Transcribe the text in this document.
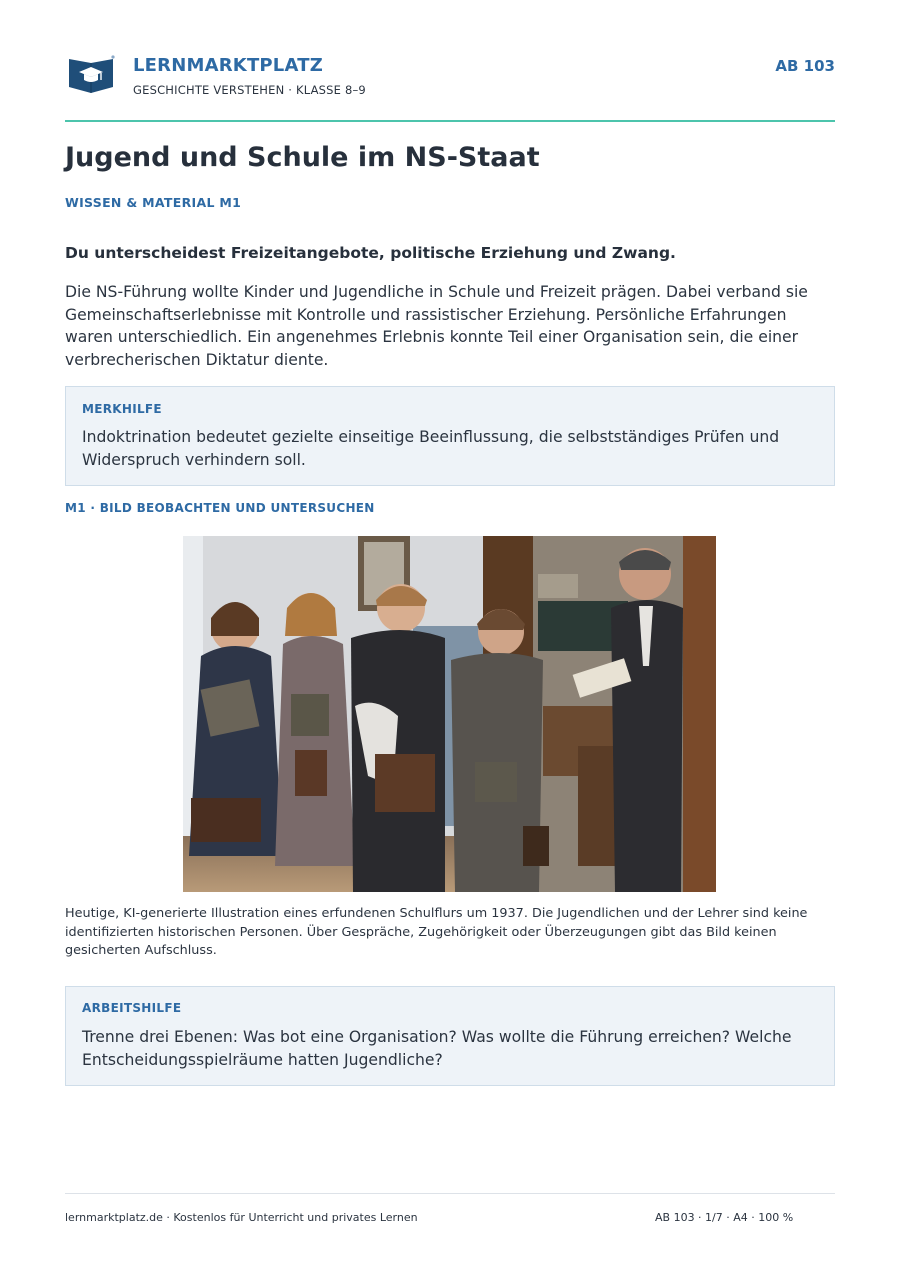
LERNMARKTPLATZ
GESCHICHTE VERSTEHEN · KLASSE 8–9
AB 103
Jugend und Schule im NS-Staat
WISSEN & MATERIAL M1
Du unterscheidest Freizeitangebote, politische Erziehung und Zwang.
Die NS-Führung wollte Kinder und Jugendliche in Schule und Freizeit prägen. Dabei verband sie Gemeinschaftserlebnisse mit Kontrolle und rassistischer Erziehung. Persönliche Erfahrungen waren unterschiedlich. Ein angenehmes Erlebnis konnte Teil einer Organisation sein, die einer verbrecherischen Diktatur diente.
MERKHILFE
Indoktrination bedeutet gezielte einseitige Beeinflussung, die selbstständiges Prüfen und Widerspruch verhindern soll.
M1 · BILD BEOBACHTEN UND UNTERSUCHEN
Heutige, KI-generierte Illustration eines erfundenen Schulflurs um 1937. Die Jugendlichen und der Lehrer sind keine identifizierten historischen Personen. Über Gespräche, Zugehörigkeit oder Überzeugungen gibt das Bild keinen gesicherten Aufschluss.
ARBEITSHILFE
Trenne drei Ebenen: Was bot eine Organisation? Was wollte die Führung erreichen? Welche Entscheidungsspielräume hatten Jugendliche?
lernmarktplatz.de · Kostenlos für Unterricht und privates Lernen	AB 103 · 1/7 · A4 · 100 %
